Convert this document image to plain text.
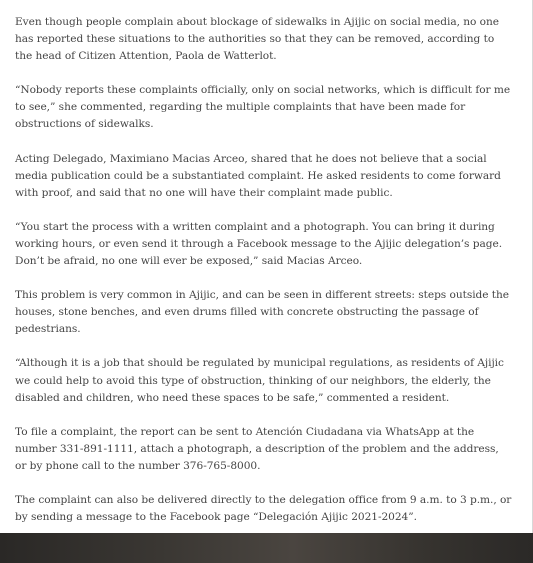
Even though people complain about blockage of sidewalks in Ajijic on social media, no one has reported these situations to the authorities so that they can be removed, according to the head of Citizen Attention, Paola de Watterlot.

“Nobody reports these complaints officially, only on social networks, which is difficult for me to see,” she commented, regarding the multiple complaints that have been made for obstructions of sidewalks.

Acting Delegado, Maximiano Macias Arceo, shared that he does not believe that a social media publication could be a substantiated complaint. He asked residents to come forward with proof, and said that no one will have their complaint made public.

“You start the process with a written complaint and a photograph. You can bring it during working hours, or even send it through a Facebook message to the Ajijic delegation’s page. Don’t be afraid, no one will ever be exposed,” said Macias Arceo.

This problem is very common in Ajijic, and can be seen in different streets: steps outside the houses, stone benches, and even drums filled with concrete obstructing the passage of pedestrians.

“Although it is a job that should be regulated by municipal regulations, as residents of Ajijic we could help to avoid this type of obstruction, thinking of our neighbors, the elderly, the disabled and children, who need these spaces to be safe,” commented a resident.

To file a complaint, the report can be sent to Atención Ciudadana via WhatsApp at the number 331-891-1111, attach a photograph, a description of the problem and the address, or by phone call to the number 376-765-8000.

The complaint can also be delivered directly to the delegation office from 9 a.m. to 3 p.m., or by sending a message to the Facebook page “Delegación Ajijic 2021-2024”.
